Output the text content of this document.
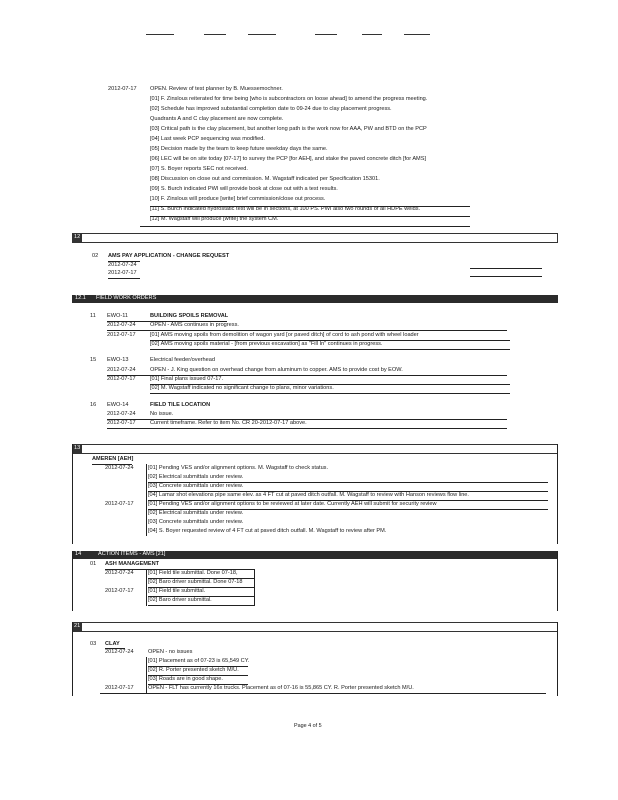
2012-07-17 OPEN. Review of test planner by B. Muessemochner.
[01] F. Zinslous reiterated for time being [who is subcontractors on loose ahead] to amend the progress meeting.
[02] Schedule has improved substantial completion date to 09-24 due to clay placement progress.
Quadrants A and C clay placement are now complete.
[03] Critical path is the clay placement, but another long path is the work now for AAA, PW and BTD on the PCP
[04] Last week PCP sequencing was modified.
[05] Decision made by the team to keep future weekday days the same.
[06] LEC will be on site today [07-17] to survey the PCP [for AEH], and stake the paved concrete ditch [for AMS]
[07] S. Boyer reports SEC not received.
[08] Discussion on close out and commission. M. Wagstaff indicated per Specification 15301.
[09] S. Burch indicated PWI will provide book at close out with a test results.
[10] F. Zinslous will produce [write] brief commission/close out process.
[11] S. Burch indicated hydrostatic test will be in sections, at 100 PS. PWI also two rounds of all HDPE welds.
[12] M. Wagstaff will produce [write] the system CM.
12
02 AMS PAY APPLICATION - CHANGE REQUEST
2012-07-24
2012-07-17
12.1 FIELD WORK ORDERS
11 EWO-11	BUILDING SPOILS REMOVAL
2012-07-24	OPEN - AMS continues in progress.
2012-07-17	[01] AMS moving spoils from demolition of wagon yard [or paved ditch] of cord to ash pond with wheel loader
[02] AMS moving spoils material - [from previous excavation] as "Fill In" continues in progress.
15 EWO-13	Electrical feeder/overhead
2012-07-24	OPEN - J. King question on overhead change from aluminum to copper. AMS to provide cost by EOW.
2012-07-17	[01] Final plans issued 07-17.
[02] M. Wagstaff indicated no significant change to plans, minor variations.
16 EWO-14	FIELD TILE LOCATION
2012-07-24	No issue.
2012-07-17	Current timeframe. Refer to item No. CR 20-2012-07-17 above.
13
AMEREN [AEH]
2012-07-24	[01] Pending VES and/or alignment options. M. Wagstaff to check status.
[02] Electrical submittals under review.
[03] Concrete submittals under review.
[04] Lamar shot elevations pipe same elev. as 4 FT cut at paved ditch outfall. M. Wagstaff to review with Hanson reviews flow line.
2012-07-17	[01] Pending VES and/or alignment options to be reviewed at later date. Currently AEH will submit for security review
[02] Electrical submittals under review.
[03] Concrete submittals under review.
[04] S. Boyer requested review of 4 FT cut at paved ditch outfall. M. Wagstaff to review after PM.
14	ACTION ITEMS - AMS [21]
01 ASH MANAGEMENT
2012-07-24	[01] Field tile submittal. Done 07-18,
[02] Baro driver submittal. Done 07-18
2012-07-17	[01] Field tile submittal.
[02] Baro driver submittal.
21
03 CLAY
2012-07-24	OPEN - no issues
[01] Placement as of 07-23 is 65,549 CY.
[02] R. Porter presented sketch M/U.
[03] Roads are in good shape.
2012-07-17	OPEN - FLT has currently 16x trucks. Placement as of 07-16 is 55,865 CY. R. Porter presented sketch M/U.
Page 4 of 5
